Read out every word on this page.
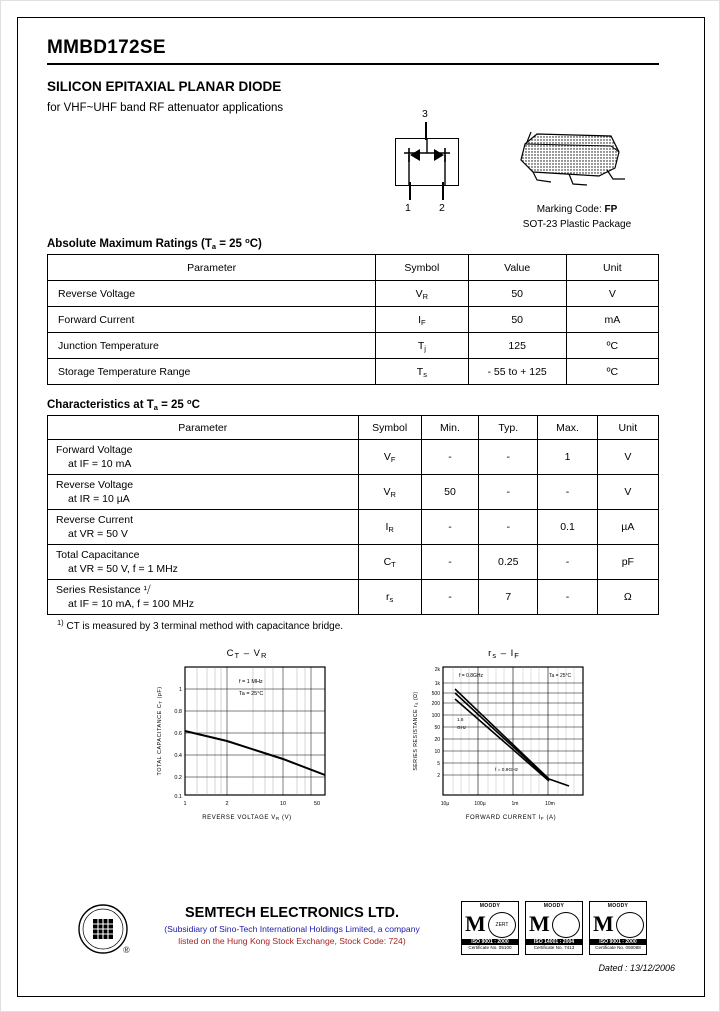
MMBD172SE
SILICON EPITAXIAL PLANAR DIODE
for VHF~UHF band RF attenuator applications	3
1	2	Marking Code: FP
SOT-23 Plastic Package
Absolute Maximum Ratings ($T_a = 25$ $^o$C)
Parameter	Symbol	Value	Unit
Reverse Voltage	$V_R$	50	V
Forward Current	$I_F$	50	mA
Junction Temperature	$T_j$	125	ºC
Storage Temperature Range	$T_s$	- 55 to + 125	ºC
Characteristics at $T_a = 25$ $^o$C
Parameter	Symbol	Min.	Typ.	Max.	Unit
Forward Voltage
at IF = 10 mA	$V_F$	-	-	1	V
Reverse Voltage
at IR = 10 µA	$V_R$	50	-	-	V
Reverse Current
at VR = 50 V	$I_R$	-	-	0.1	µA
Total Capacitance
at VR = 50 V, f = 1 MHz	$C_T$	-	0.25	-	pF
Series Resistance ¹⧸
at IF = 10 mA, f = 100 MHz	$r_s$	-	7	-	Ω
$^{1)}$ CT is measured by 3 terminal method with capacitance bridge.
$C_T - V_R$
f = 1 MHz
Ta = 25°C
0.1
0.2
0.4
0.6
0.8
1
1	2	10	50
REVERSE VOLTAGE VR (V)
TOTAL CAPACITANCE CT (pF)
$r_s - I_F$
f = 0.8GHz
1.8
GHz
f = 0.9GHz
Ta = 25°C
2k
1k
500
200
100
50
20
10
5
2
10μ	100μ	1m	10m
FORWARD CURRENT IF (A)
SERIES RESISTANCE rs (Ω)
®
SEMTECH ELECTRONICS LTD.
(Subsidiary of Sino-Tech International Holdings Limited, a company
listed on the Hung Kong Stock Exchange, Stock Code: 724)
MOODY
M	ZERT
ISO 9001 : 2000
Certificate No. 05100
MOODY
M
ISO 14001 : 2004
Certificate No. 7413
MOODY
M
ISO 9001 : 2000
Certificate No. 050088
Dated : 13/12/2006
